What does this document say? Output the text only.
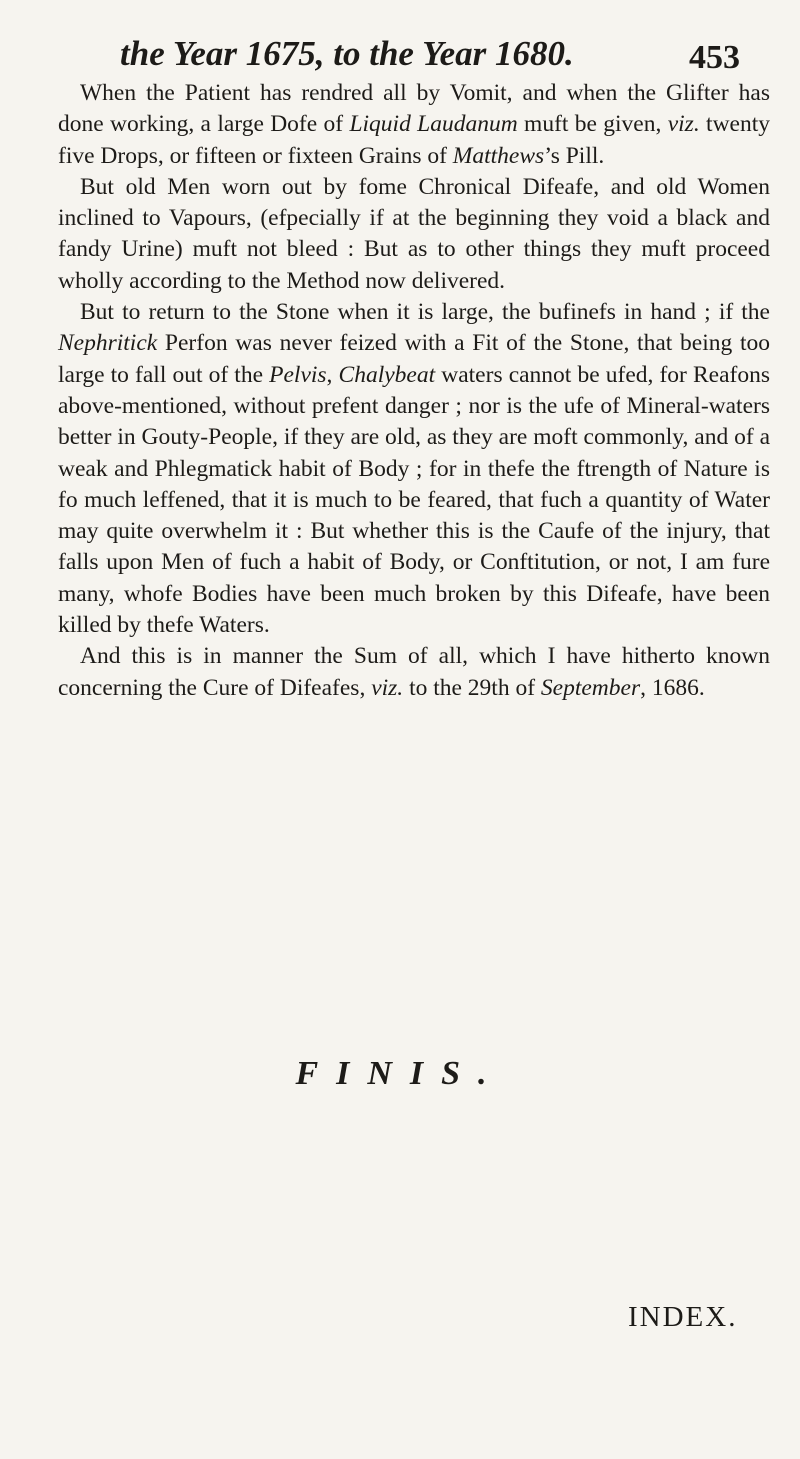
the Year 1675, to the Year 1680.	453

When the Patient has rendred all by Vomit, and when the Glifter has done working, a large Dofe of Liquid Laudanum muft be given, viz. twenty five Drops, or fifteen or fixteen Grains of Matthews’s Pill.

But old Men worn out by fome Chronical Difeafe, and old Women inclined to Vapours, (efpecially if at the beginning they void a black and fandy Urine) muft not bleed : But as to other things they muft proceed wholly according to the Method now delivered.

But to return to the Stone when it is large, the bufinefs in hand ; if the Nephritick Perfon was never feized with a Fit of the Stone, that being too large to fall out of the Pelvis, Chalybeat waters cannot be ufed, for Reafons above-mentioned, without prefent danger ; nor is the ufe of Mineral-waters better in Gouty-People, if they are old, as they are moft commonly, and of a weak and Phlegmatick habit of Body ; for in thefe the ftrength of Nature is fo much leffened, that it is much to be feared, that fuch a quantity of Water may quite overwhelm it : But whether this is the Caufe of the injury, that falls upon Men of fuch a habit of Body, or Conftitution, or not, I am fure many, whofe Bodies have been much broken by this Difeafe, have been killed by thefe Waters.

And this is in manner the Sum of all, which I have hitherto known concerning the Cure of Difeafes, viz. to the 29th of September, 1686.

FINIS.
INDEX.
